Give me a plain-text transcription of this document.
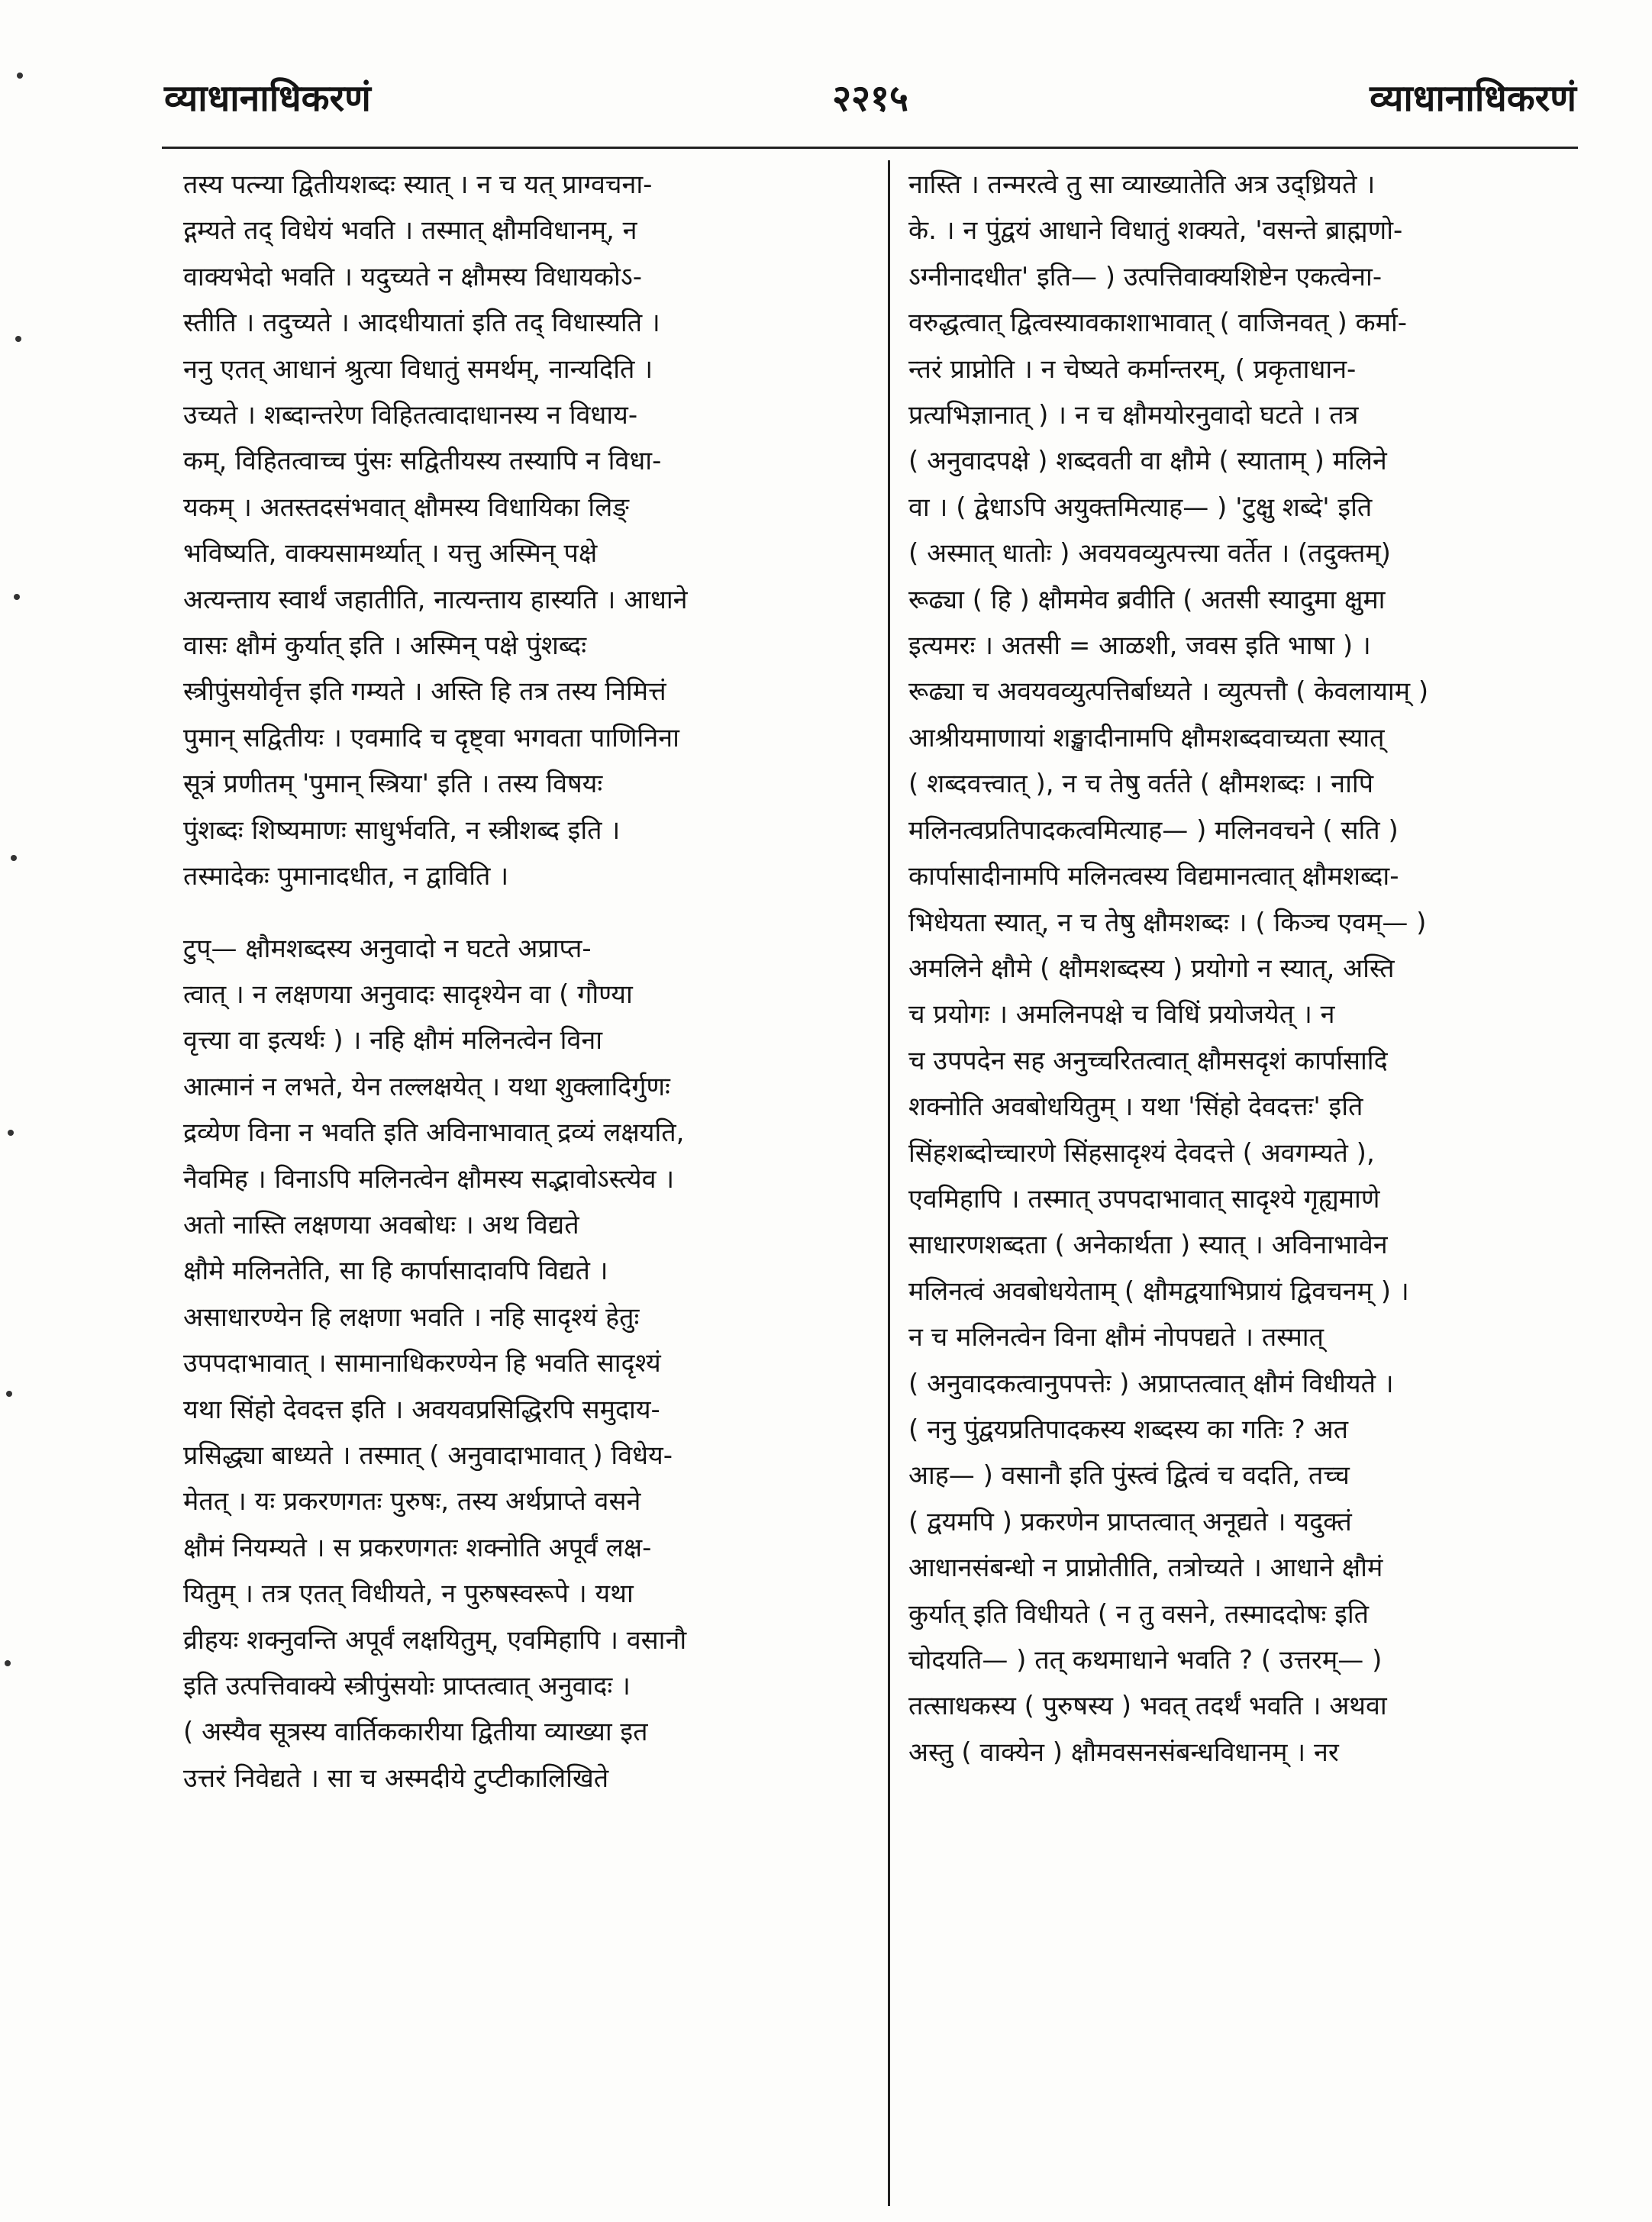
व्याधानाधिकरणं	२२१५	व्याधानाधिकरणं

तस्य पत्न्या द्वितीयशब्दः स्यात् । न च यत् प्राग्वचना-

द्गम्यते तद् विधेयं भवति । तस्मात् क्षौमविधानम्, न

वाक्यभेदो भवति । यदुच्यते न क्षौमस्य विधायकोऽ-

स्तीति । तदुच्यते । आदधीयातां इति तद् विधास्यति ।

ननु एतत् आधानं श्रुत्या विधातुं समर्थम्, नान्यदिति ।

उच्यते । शब्दान्तरेण विहितत्वादाधानस्य न विधाय-

कम्, विहितत्वाच्च पुंसः सद्वितीयस्य तस्यापि न विधा-

यकम् । अतस्तदसंभवात् क्षौमस्य विधायिका लिङ्

भविष्यति, वाक्यसामर्थ्यात् । यत्तु अस्मिन् पक्षे

अत्यन्ताय स्वार्थं जहातीति, नात्यन्ताय हास्यति । आधाने

वासः क्षौमं कुर्यात् इति । अस्मिन् पक्षे पुंशब्दः

स्त्रीपुंसयोर्वृत्त इति गम्यते । अस्ति हि तत्र तस्य निमित्तं

पुमान् सद्वितीयः । एवमादि च दृष्ट्वा भगवता पाणिनिना

सूत्रं प्रणीतम् 'पुमान् स्त्रिया' इति । तस्य विषयः

पुंशब्दः शिष्यमाणः साधुर्भवति, न स्त्रीशब्द इति ।

तस्मादेकः पुमानादधीत, न द्वाविति ।

टुप्— क्षौमशब्दस्य अनुवादो न घटते अप्राप्त-

त्वात् । न लक्षणया अनुवादः सादृश्येन वा ( गौण्या

वृत्त्या वा इत्यर्थः ) । नहि क्षौमं मलिनत्वेन विना

आत्मानं न लभते, येन तल्लक्षयेत् । यथा शुक्लादिर्गुणः

द्रव्येण विना न भवति इति अविनाभावात् द्रव्यं लक्षयति,

नैवमिह । विनाऽपि मलिनत्वेन क्षौमस्य सद्भावोऽस्त्येव ।

अतो नास्ति लक्षणया अवबोधः । अथ विद्यते

क्षौमे मलिनतेति, सा हि कार्पासादावपि विद्यते ।

असाधारण्येन हि लक्षणा भवति । नहि सादृश्यं हेतुः

उपपदाभावात् । सामानाधिकरण्येन हि भवति सादृश्यं

यथा सिंहो देवदत्त इति । अवयवप्रसिद्धिरपि समुदाय-

प्रसिद्ध्या बाध्यते । तस्मात् ( अनुवादाभावात् ) विधेय-

मेतत् । यः प्रकरणगतः पुरुषः, तस्य अर्थप्राप्ते वसने

क्षौमं नियम्यते । स प्रकरणगतः शक्नोति अपूर्वं लक्ष-

यितुम् । तत्र एतत् विधीयते, न पुरुषस्वरूपे । यथा

व्रीहयः शक्नुवन्ति अपूर्वं लक्षयितुम्, एवमिहापि । वसानौ

इति उत्पत्तिवाक्ये स्त्रीपुंसयोः प्राप्तत्वात् अनुवादः ।

( अस्यैव सूत्रस्य वार्तिककारीया द्वितीया व्याख्या इत

उत्तरं निवेद्यते । सा च अस्मदीये टुप्टीकालिखिते

नास्ति । तन्मरत्वे तु सा व्याख्यातेति अत्र उद्‌ध्रियते ।

के. । न पुंद्वयं आधाने विधातुं शक्यते, 'वसन्ते ब्राह्मणो-

ऽग्नीनादधीत' इति— ) उत्पत्तिवाक्यशिष्टेन एकत्वेना-

वरुद्धत्वात् द्वित्वस्यावकाशाभावात् ( वाजिनवत् ) कर्मा-

न्तरं प्राप्नोति । न चेष्यते कर्मान्तरम्, ( प्रकृताधान-

प्रत्यभिज्ञानात् ) । न च क्षौमयोरनुवादो घटते । तत्र

( अनुवादपक्षे ) शब्दवती वा क्षौमे ( स्याताम् ) मलिने

वा । ( द्वेधाऽपि अयुक्तमित्याह— ) 'टुक्षु शब्दे' इति

( अस्मात् धातोः ) अवयवव्युत्पत्त्या वर्तेत । (तदुक्तम्)

रूढ्या ( हि ) क्षौममेव ब्रवीति ( अतसी स्यादुमा क्षुमा

इत्यमरः । अतसी = आळशी, जवस इति भाषा ) ।

रूढ्या च अवयवव्युत्पत्तिर्बाध्यते । व्युत्पत्तौ ( केवलायाम् )

आश्रीयमाणायां शङ्खादीनामपि क्षौमशब्दवाच्यता स्यात्

( शब्दवत्त्वात् ), न च तेषु वर्तते ( क्षौमशब्दः । नापि

मलिनत्वप्रतिपादकत्वमित्याह— ) मलिनवचने ( सति )

कार्पासादीनामपि मलिनत्वस्य विद्यमानत्वात् क्षौमशब्दा-

भिधेयता स्यात्, न च तेषु क्षौमशब्दः । ( किञ्च एवम्— )

अमलिने क्षौमे ( क्षौमशब्दस्य ) प्रयोगो न स्यात्, अस्ति

च प्रयोगः । अमलिनपक्षे च विधिं प्रयोजयेत् । न

च उपपदेन सह अनुच्चरितत्वात् क्षौमसदृशं कार्पासादि

शक्नोति अवबोधयितुम् । यथा 'सिंहो देवदत्तः' इति

सिंहशब्दोच्चारणे सिंहसादृश्यं देवदत्ते ( अवगम्यते ),

एवमिहापि । तस्मात् उपपदाभावात् सादृश्ये गृह्यमाणे

साधारणशब्दता ( अनेकार्थता ) स्यात् । अविनाभावेन

मलिनत्वं अवबोधयेताम् ( क्षौमद्वयाभिप्रायं द्विवचनम् ) ।

न च मलिनत्वेन विना क्षौमं नोपपद्यते । तस्मात्

( अनुवादकत्वानुपपत्तेः ) अप्राप्तत्वात् क्षौमं विधीयते ।

( ननु पुंद्वयप्रतिपादकस्य शब्दस्य का गतिः ? अत

आह— ) वसानौ इति पुंस्त्वं द्वित्वं च वदति, तच्च

( द्वयमपि ) प्रकरणेन प्राप्तत्वात् अनूद्यते । यदुक्तं

आधानसंबन्धो न प्राप्नोतीति, तत्रोच्यते । आधाने क्षौमं

कुर्यात् इति विधीयते ( न तु वसने, तस्माददोषः इति

चोदयति— ) तत् कथमाधाने भवति ? ( उत्तरम्— )

तत्साधकस्य ( पुरुषस्य ) भवत् तदर्थं भवति । अथवा

अस्तु ( वाक्येन ) क्षौमवसनसंबन्धविधानम् । नर
